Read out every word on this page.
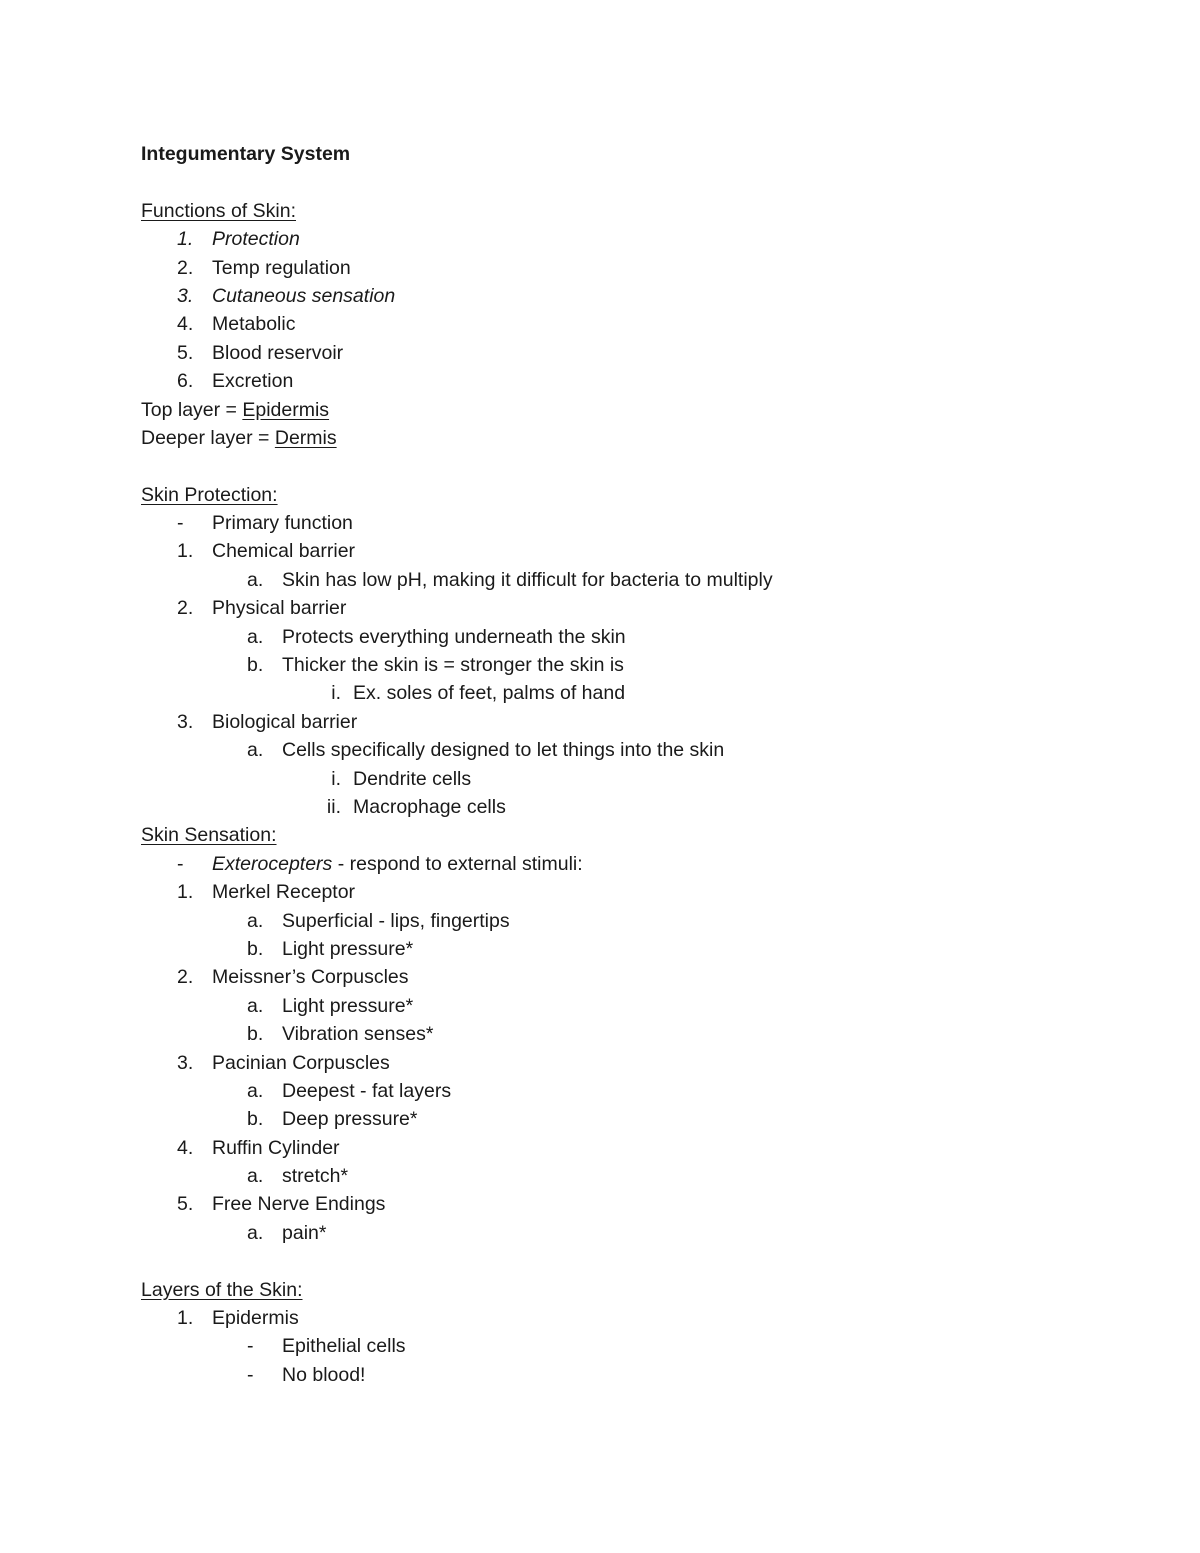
Integumentary System
Functions of Skin:
1. Protection
2. Temp regulation
3. Cutaneous sensation
4. Metabolic
5. Blood reservoir
6. Excretion
Top layer = Epidermis
Deeper layer = Dermis
Skin Protection:
- Primary function
1. Chemical barrier
a. Skin has low pH, making it difficult for bacteria to multiply
2. Physical barrier
a. Protects everything underneath the skin
b. Thicker the skin is = stronger the skin is
i. Ex. soles of feet, palms of hand
3. Biological barrier
a. Cells specifically designed to let things into the skin
i. Dendrite cells
ii. Macrophage cells
Skin Sensation:
- Exterocepters - respond to external stimuli:
1. Merkel Receptor
a. Superficial - lips, fingertips
b. Light pressure*
2. Meissner’s Corpuscles
a. Light pressure*
b. Vibration senses*
3. Pacinian Corpuscles
a. Deepest - fat layers
b. Deep pressure*
4. Ruffin Cylinder
a. stretch*
5. Free Nerve Endings
a. pain*
Layers of the Skin:
1. Epidermis
- Epithelial cells
- No blood!
